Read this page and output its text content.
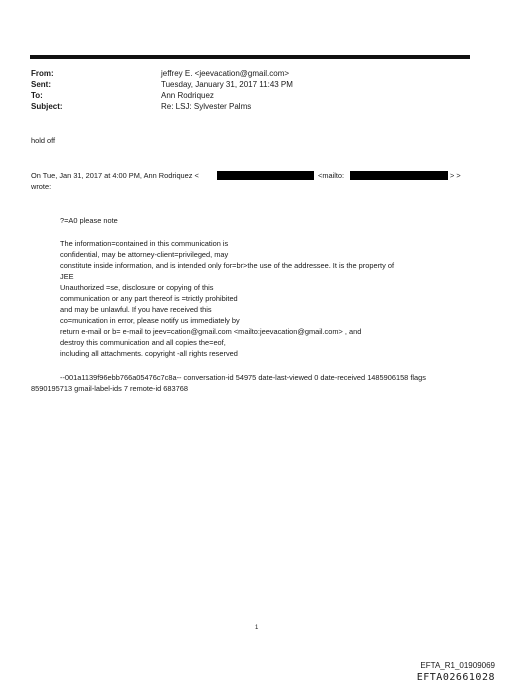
From:	jeffrey E. <jeevacation@gmail.com>
Sent:	Tuesday, January 31, 2017 11:43 PM
To:	Ann Rodriquez
Subject:	Re: LSJ: Sylvester Palms
hold off
On Tue, Jan 31, 2017 at 4:00 PM, Ann Rodriquez <	<mailto:	> >
wrote:
?=A0 please note
The information=contained in this communication is
confidential, may be attorney-client=privileged, may
constitute inside information, and is intended only for=br>the use of the addressee. It is the property of
JEE
Unauthorized =se, disclosure or copying of this
communication or any part thereof is =trictly prohibited
and may be unlawful. If you have received this
co=munication in error, please notify us immediately by
return e-mail or b= e-mail to jeev=cation@gmail.com <mailto:jeevacation@gmail.com> , and
destroy this communication and all copies the=eof,
including all attachments. copyright -all rights reserved
--001a1139f96ebb766a05476c7c8a-- conversation-id 54975 date-last-viewed 0 date-received 1485906158 flags
8590195713 gmail-label-ids 7 remote-id 683768
1
EFTA_R1_01909069
EFTA02661028
